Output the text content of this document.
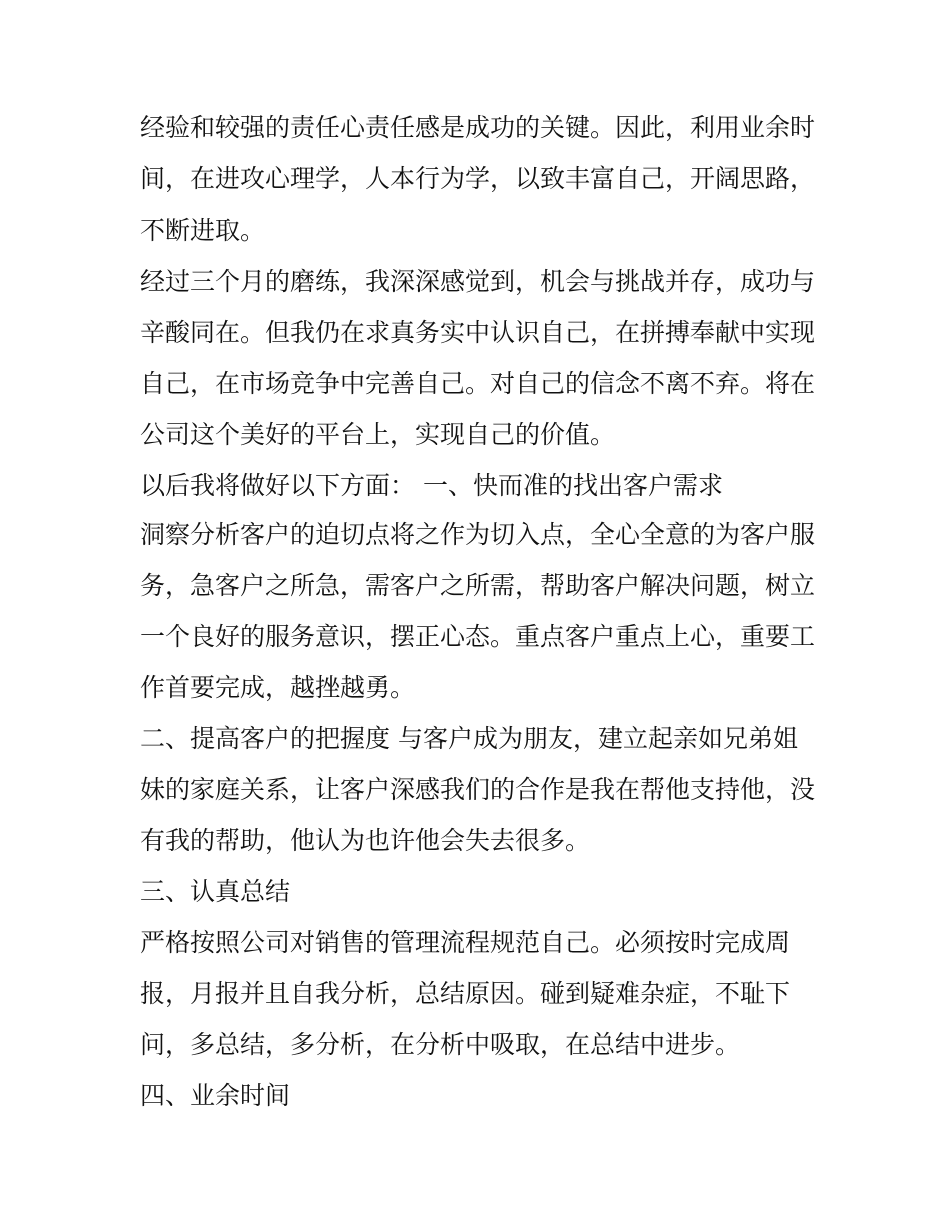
经验和较强的责任心责任感是成功的关键。因此，利用业余时
间，在进攻心理学，人本行为学，以致丰富自己，开阔思路，
不断进取。
经过三个月的磨练，我深深感觉到，机会与挑战并存，成功与
辛酸同在。但我仍在求真务实中认识自己，在拼搏奉献中实现
自己，在市场竞争中完善自己。对自己的信念不离不弃。将在
公司这个美好的平台上，实现自己的价值。
以后我将做好以下方面： 一、快而准的找出客户需求
洞察分析客户的迫切点将之作为切入点，全心全意的为客户服
务，急客户之所急，需客户之所需，帮助客户解决问题，树立
一个良好的服务意识，摆正心态。重点客户重点上心，重要工
作首要完成，越挫越勇。
二、提高客户的把握度 与客户成为朋友，建立起亲如兄弟姐
妹的家庭关系，让客户深感我们的合作是我在帮他支持他，没
有我的帮助，他认为也许他会失去很多。
三、认真总结
严格按照公司对销售的管理流程规范自己。必须按时完成周
报，月报并且自我分析，总结原因。碰到疑难杂症，不耻下
问，多总结，多分析，在分析中吸取，在总结中进步。
四、业余时间
